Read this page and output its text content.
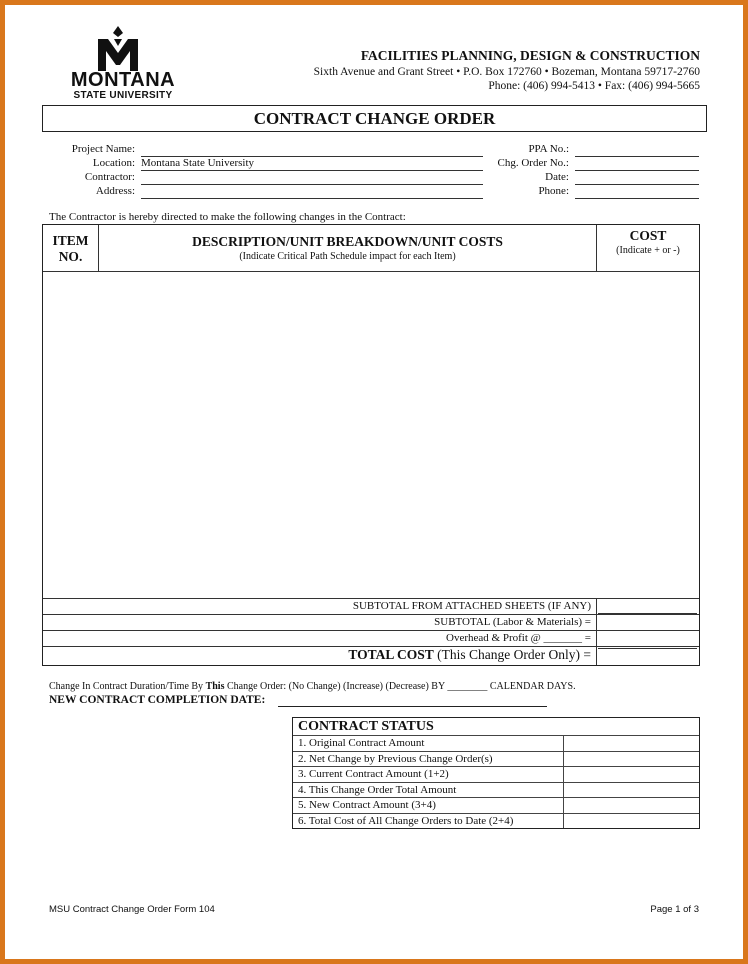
MONTANA
STATE UNIVERSITY
FACILITIES PLANNING, DESIGN & CONSTRUCTION
Sixth Avenue and Grant Street • P.O. Box 172760 • Bozeman, Montana 59717-2760
Phone: (406) 994-5413 • Fax: (406) 994-5665
CONTRACT CHANGE ORDER
Project Name:
Location: Montana State University
Contractor:
Address:
PPA No.:
Chg. Order No.:
Date:
Phone:
The Contractor is hereby directed to make the following changes in the Contract:
ITEM
NO.
DESCRIPTION/UNIT BREAKDOWN/UNIT COSTS
(Indicate Critical Path Schedule impact for each Item)
COST
(Indicate + or -)
SUBTOTAL FROM ATTACHED SHEETS (IF ANY)
SUBTOTAL (Labor & Materials) =
Overhead & Profit @ _______ =
TOTAL COST (This Change Order Only) =
Change In Contract Duration/Time By This Change Order: (No Change) (Increase) (Decrease) BY ________ CALENDAR DAYS.
NEW CONTRACT COMPLETION DATE:
CONTRACT STATUS
1. Original Contract Amount
2. Net Change by Previous Change Order(s)
3. Current Contract Amount (1+2)
4. This Change Order Total Amount
5. New Contract Amount (3+4)
6. Total Cost of All Change Orders to Date (2+4)
MSU Contract Change Order Form 104	Page 1 of 3
